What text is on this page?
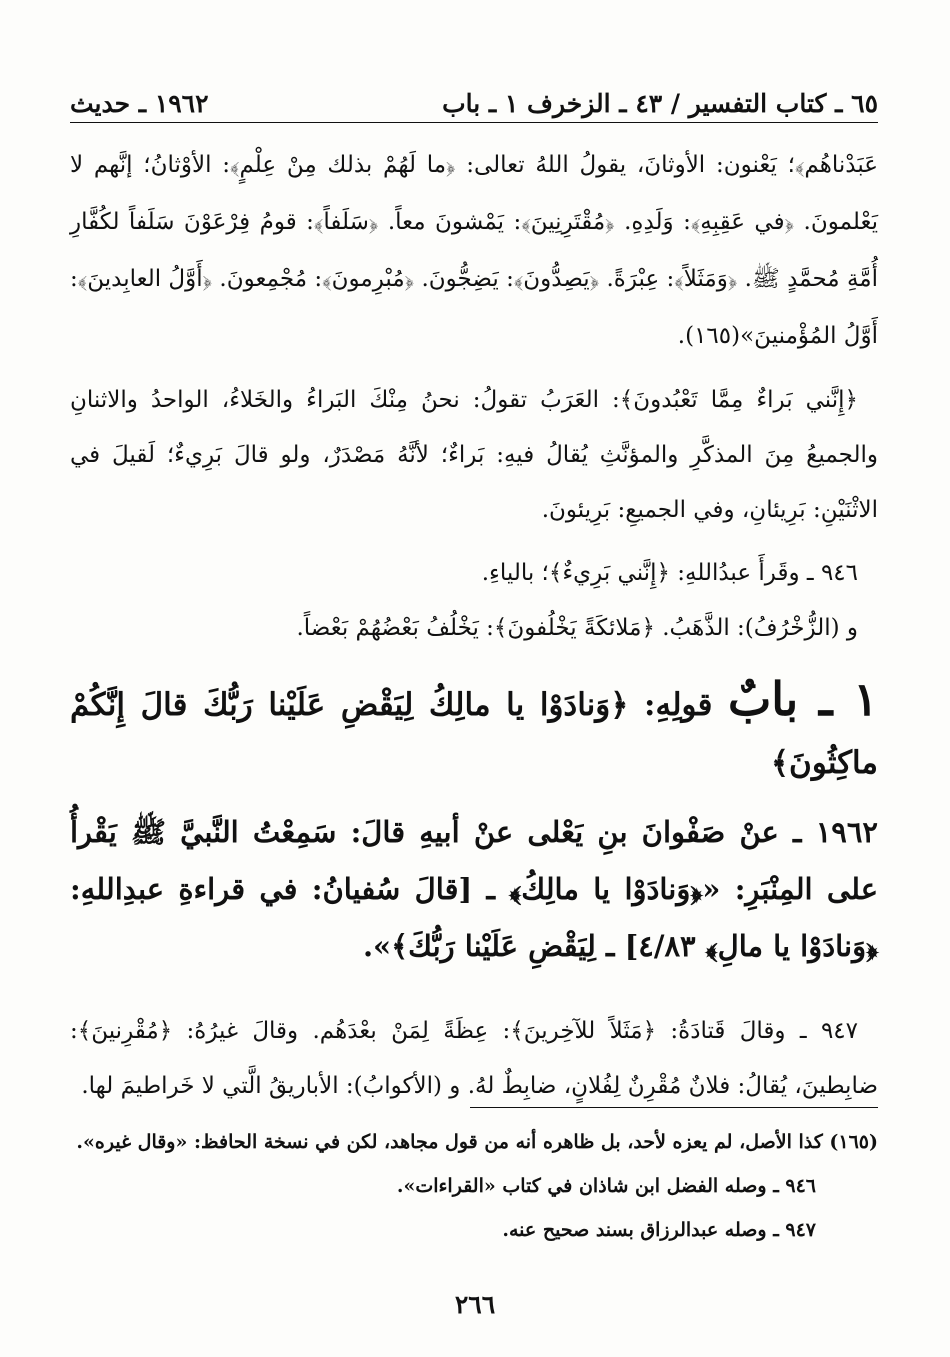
٦٥ ـ كتاب التفسير / ٤٣ ـ الزخرف ١ ـ باب
١٩٦٢ ـ حديث

عَبَدْناهُم﴾؛ يَعْنون: الأوثانَ، يقولُ اللهُ تعالى: ﴿ما لَهُمْ بذلك مِنْ عِلْمٍ﴾: الأوْثانُ؛ إنَّهم لا يَعْلمونَ. ﴿في عَقِبِهِ﴾: وَلَدِهِ. ﴿مُقْتَرِنِينَ﴾: يَمْشونَ معاً. ﴿سَلَفاً﴾: قومُ فِرْعَوْنَ سَلَفاً لكُفَّارِ أُمَّةِ مُحمَّدٍ ﷺ. ﴿وَمَثَلاً﴾: عِبْرَةً. ﴿يَصِدُّونَ﴾: يَضِجُّونَ. ﴿مُبْرِمونَ﴾: مُجْمِعونَ. ﴿أَوَّلُ العابِدينَ﴾: أَوَّلُ المُؤْمنينَ»(١٦٥).

﴿إِنَّني بَراءٌ مِمَّا تَعْبُدونَ﴾: العَرَبُ تقولُ: نحنُ مِنْكَ البَراءُ والخَلاءُ، الواحدُ والاثنانِ والجميعُ مِنَ المذكَّرِ والمؤنَّثِ يُقالُ فيهِ: بَراءٌ؛ لأنَّهُ مَصْدَرٌ، ولو قالَ بَرِيءٌ؛ لَقيلَ في الاثْنَيْنِ: بَرِيئانِ، وفي الجميعِ: بَرِيئونَ.

٩٤٦ ـ وقَرأَ عبدُاللهِ: ﴿إِنَّني بَرِيءٌ﴾؛ بالياءِ.

و (الزُّخْرُفُ): الذَّهَبُ. ﴿مَلائكَةً يَخْلُفونَ﴾: يَخْلُفُ بَعْضُهُمْ بَعْضاً.

١ ـ بابٌ قولِهِ: ﴿وَنادَوْا يا مالِكُ لِيَقْضِ عَلَيْنا رَبُّكَ قالَ إِنَّكُمْ ماكِثُونَ﴾

١٩٦٢ ـ عنْ صَفْوانَ بنِ يَعْلى عنْ أبيهِ قالَ: سَمِعْتُ النَّبيَّ ﷺ يَقْرأُ على المِنْبَرِ: «﴿وَنادَوْا يا مالِكُ﴾ ـ [قالَ سُفيانُ: في قراءةِ عبدِاللهِ: ﴿وَنادَوْا يا مالِ﴾ ٤/٨٣] ـ لِيَقْضِ عَلَيْنا رَبُّكَ﴾».

٩٤٧ ـ وقالَ قَتادَةُ: ﴿مَثَلاً للآخِرينَ﴾: عِظَةً لِمَنْ بعْدَهُم. وقالَ غيرُهُ: ﴿مُقْرِنينَ﴾: ضابِطينَ، يُقالُ: فلانٌ مُقْرِنٌ لِفُلانٍ، ضابِطٌ لهُ. و (الأكوابُ): الأباريقُ الَّتي لا خَراطيمَ لها.

(١٦٥) كذا الأصل، لم يعزه لأحد، بل ظاهره أنه من قول مجاهد، لكن في نسخة الحافظ: «وقال غيره».

٩٤٦ ـ وصله الفضل ابن شاذان في كتاب «القراءات».

٩٤٧ ـ وصله عبدالرزاق بسند صحيح عنه.

٢٦٦
